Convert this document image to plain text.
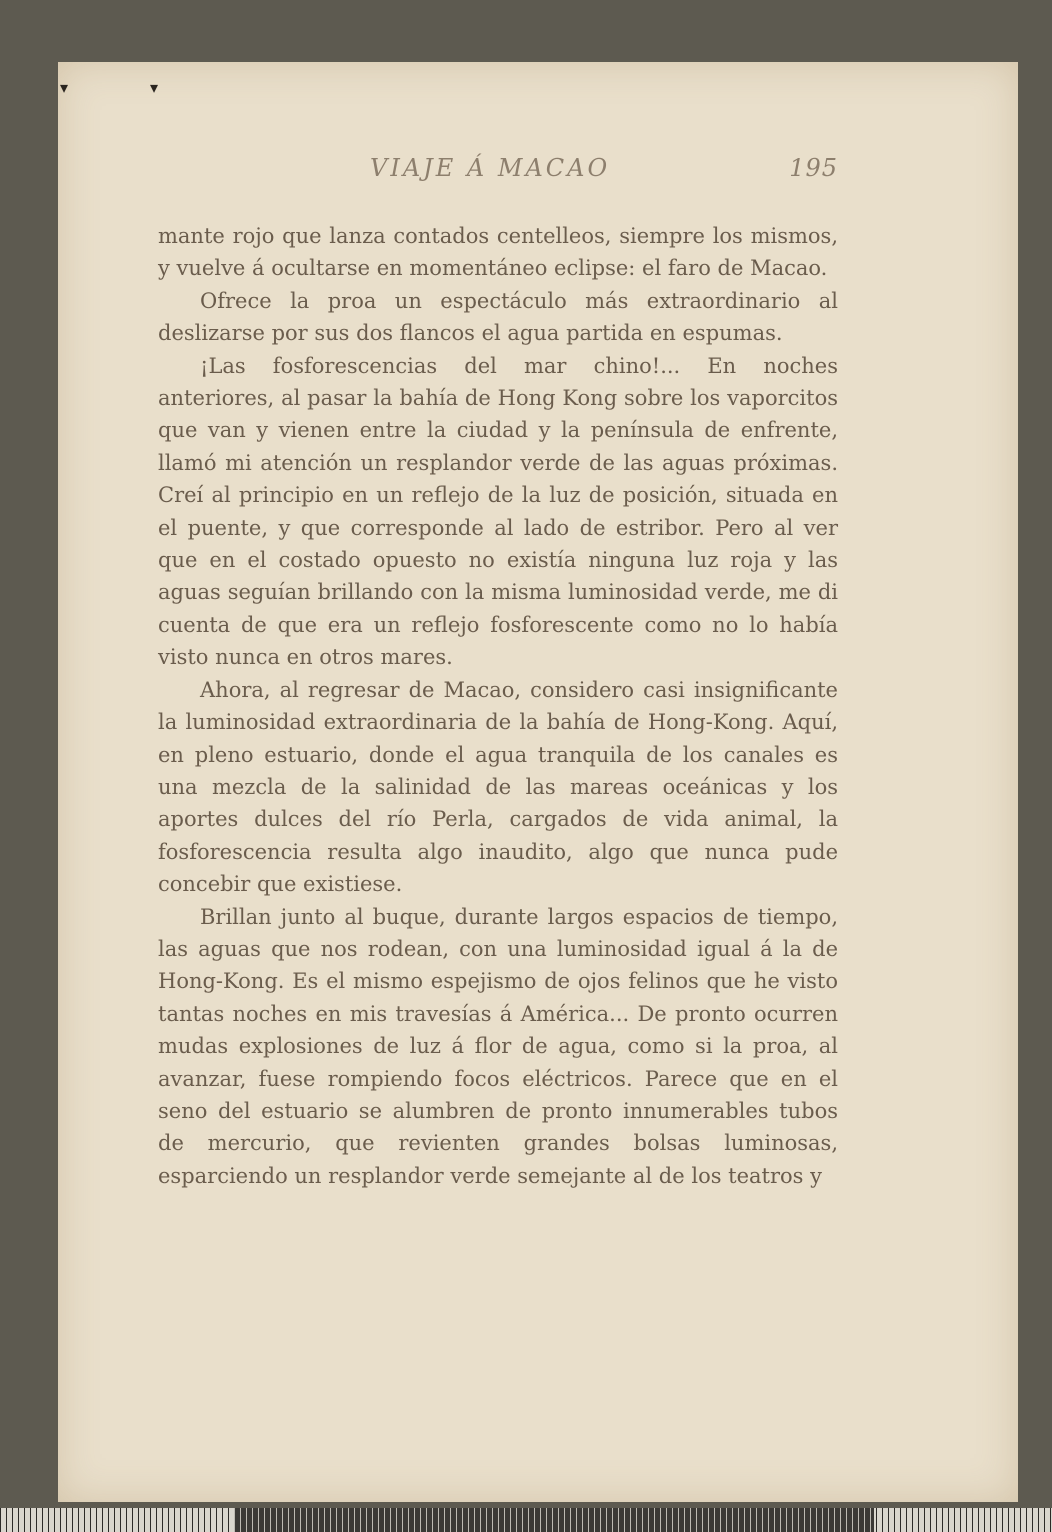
▾	▾
VIAJE Á MACAO	195

mante rojo que lanza contados centelleos, siempre los mismos, y vuelve á ocultarse en momentáneo eclipse: el faro de Macao.

Ofrece la proa un espectáculo más extraordinario al deslizarse por sus dos flancos el agua partida en espumas.

¡Las fosforescencias del mar chino!... En noches anteriores, al pasar la bahía de Hong Kong sobre los vaporcitos que van y vienen entre la ciudad y la península de enfrente, llamó mi atención un resplandor verde de las aguas próximas. Creí al principio en un reflejo de la luz de posición, situada en el puente, y que corresponde al lado de estribor. Pero al ver que en el costado opuesto no existía ninguna luz roja y las aguas seguían brillando con la misma luminosidad verde, me di cuenta de que era un reflejo fosforescente como no lo había visto nunca en otros mares.

Ahora, al regresar de Macao, considero casi insignificante la luminosidad extraordinaria de la bahía de Hong-Kong. Aquí, en pleno estuario, donde el agua tranquila de los canales es una mezcla de la salinidad de las mareas oceánicas y los aportes dulces del río Perla, cargados de vida animal, la fosforescencia resulta algo inaudito, algo que nunca pude concebir que existiese.

Brillan junto al buque, durante largos espacios de tiempo, las aguas que nos rodean, con una luminosidad igual á la de Hong-Kong. Es el mismo espejismo de ojos felinos que he visto tantas noches en mis travesías á América... De pronto ocurren mudas explosiones de luz á flor de agua, como si la proa, al avanzar, fuese rompiendo focos eléctricos. Parece que en el seno del estuario se alumbren de pronto innumerables tubos de mercurio, que revienten grandes bolsas luminosas, esparciendo un resplandor verde semejante al de los teatros y
